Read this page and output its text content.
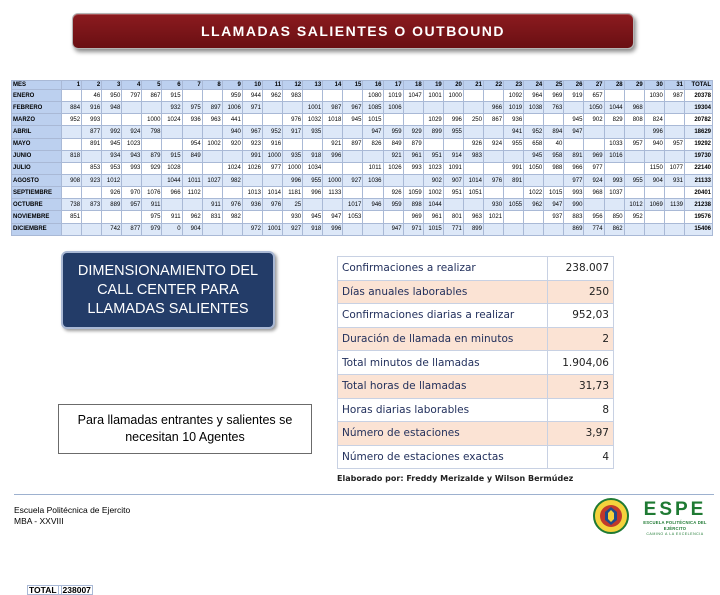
LLAMADAS SALIENTES O OUTBOUND
MES	1	2	3	4	5	6	7	8	9	10	11	12	13	14	15	16	17	18	19	20	21	22	23	24	25	26	27	28	29	30	31	TOTAL
ENERO		46	950	797	867	915			959	944	962	983				1080	1019	1047	1001	1000			1092	964	969	919	657			1030	987	20378
FEBRERO	884	916	948			932	975	897	1006	971			1001	987	967	1085	1006					966	1019	1038	763		1050	1044	968			19304
MARZO	952	993			1000	1024	936	963	441			976	1032	1018	945	1015			1029	996	250	867	936			945	902	829	808	824		20782
ABRIL		877	992	924	798				940	967	952	917	935			947	959	929	899	955			941	952	894	947				996		18629
MAYO		891	945	1023			954	1002	920	923	916			921	897	826	849	879			926	924	955	658	40			1033	957	940	957	19292
JUNIO	818		934	943	879	915	849			991	1000	935	918	996			921	961	951	914	983			945	958	891	969	1016				19730
JULIO		853	953	993	929	1028			1024	1026	977	1000	1034			1011	1026	993	1023	1091			991	1050	988	966	977			1150	1077	22140
AGOSTO	908	923	1012			1044	1011	1027	982			996	955	1000	927	1036			902	907	1014	976	891			977	924	993	955	904	931	21133
SEPTIEMBRE			926	970	1076	966	1102			1013	1014	1181	996	1133			926	1059	1002	951	1051			1022	1015	993	968	1037				20401
OCTUBRE	738	873	889	957	911			911	976	936	976	25			1017	946	959	898	1044			930	1055	962	947	990			1012	1069	1139	21238
NOVIEMBRE	851				975	911	962	831	982			930	945	947	1053			969	961	801	963	1021			937	883	956	850	952			19576
DICIEMBRE			742	877	979	0	904			972	1001	927	918	996			947	971	1015	771	899					869	774	862				15406

	TOTAL		238007
DIMENSIONAMIENTO DEL CALL CENTER PARA LLAMADAS SALIENTES
Para llamadas entrantes y salientes se necesitan 10 Agentes
Confirmaciones a realizar	238.007
Días anuales laborables	250
Confirmaciones diarias a realizar	952,03
Duración de llamada en minutos	2
Total minutos de llamadas	1.904,06
Total horas de llamadas	31,73
Horas diarias laborables	8
Número de estaciones	3,97
Número de estaciones exactas	4
Elaborado por: Freddy Merizalde y Wilson Bermúdez
Escuela Politécnica de Ejercito
MBA - XXVIII
ESPE
ESCUELA POLITÉCNICA DEL EJÉRCITO
CAMINO A LA EXCELENCIA
